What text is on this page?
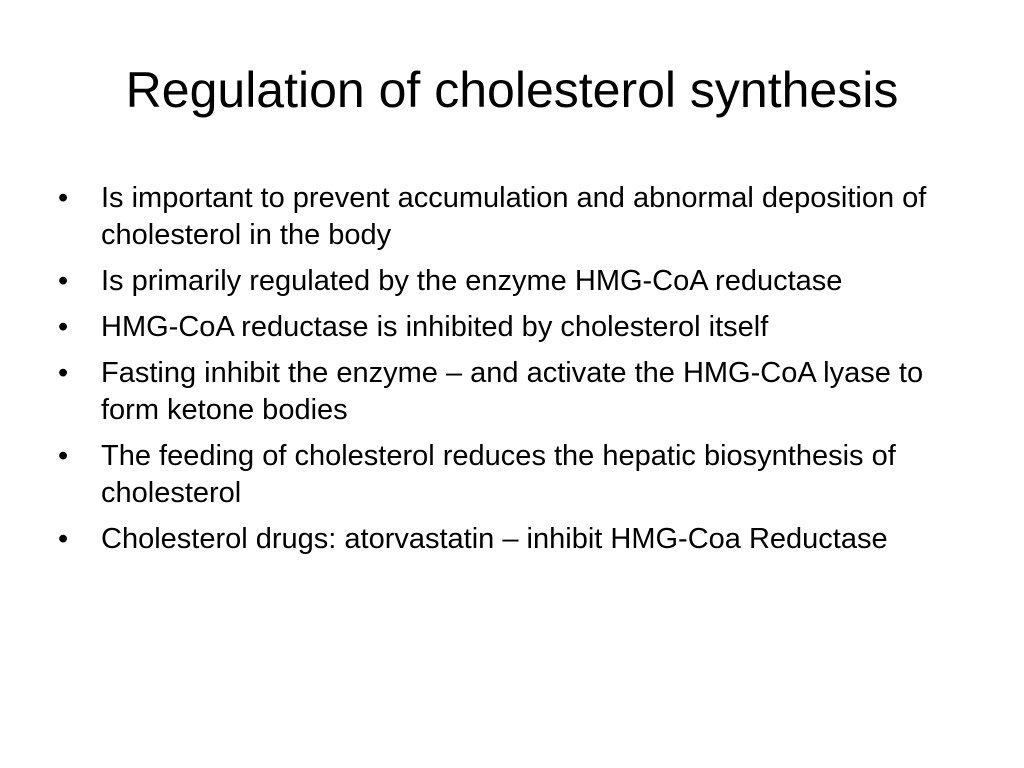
Regulation of cholesterol synthesis
•	Is important to prevent accumulation and abnormal deposition of cholesterol in the body
•	Is primarily regulated by the enzyme HMG-CoA reductase
•	HMG-CoA reductase is inhibited by cholesterol itself
•	Fasting inhibit the enzyme – and activate the HMG-CoA lyase to form ketone bodies
•	The feeding of cholesterol reduces the hepatic biosynthesis of cholesterol
•	Cholesterol drugs: atorvastatin – inhibit HMG-Coa Reductase
